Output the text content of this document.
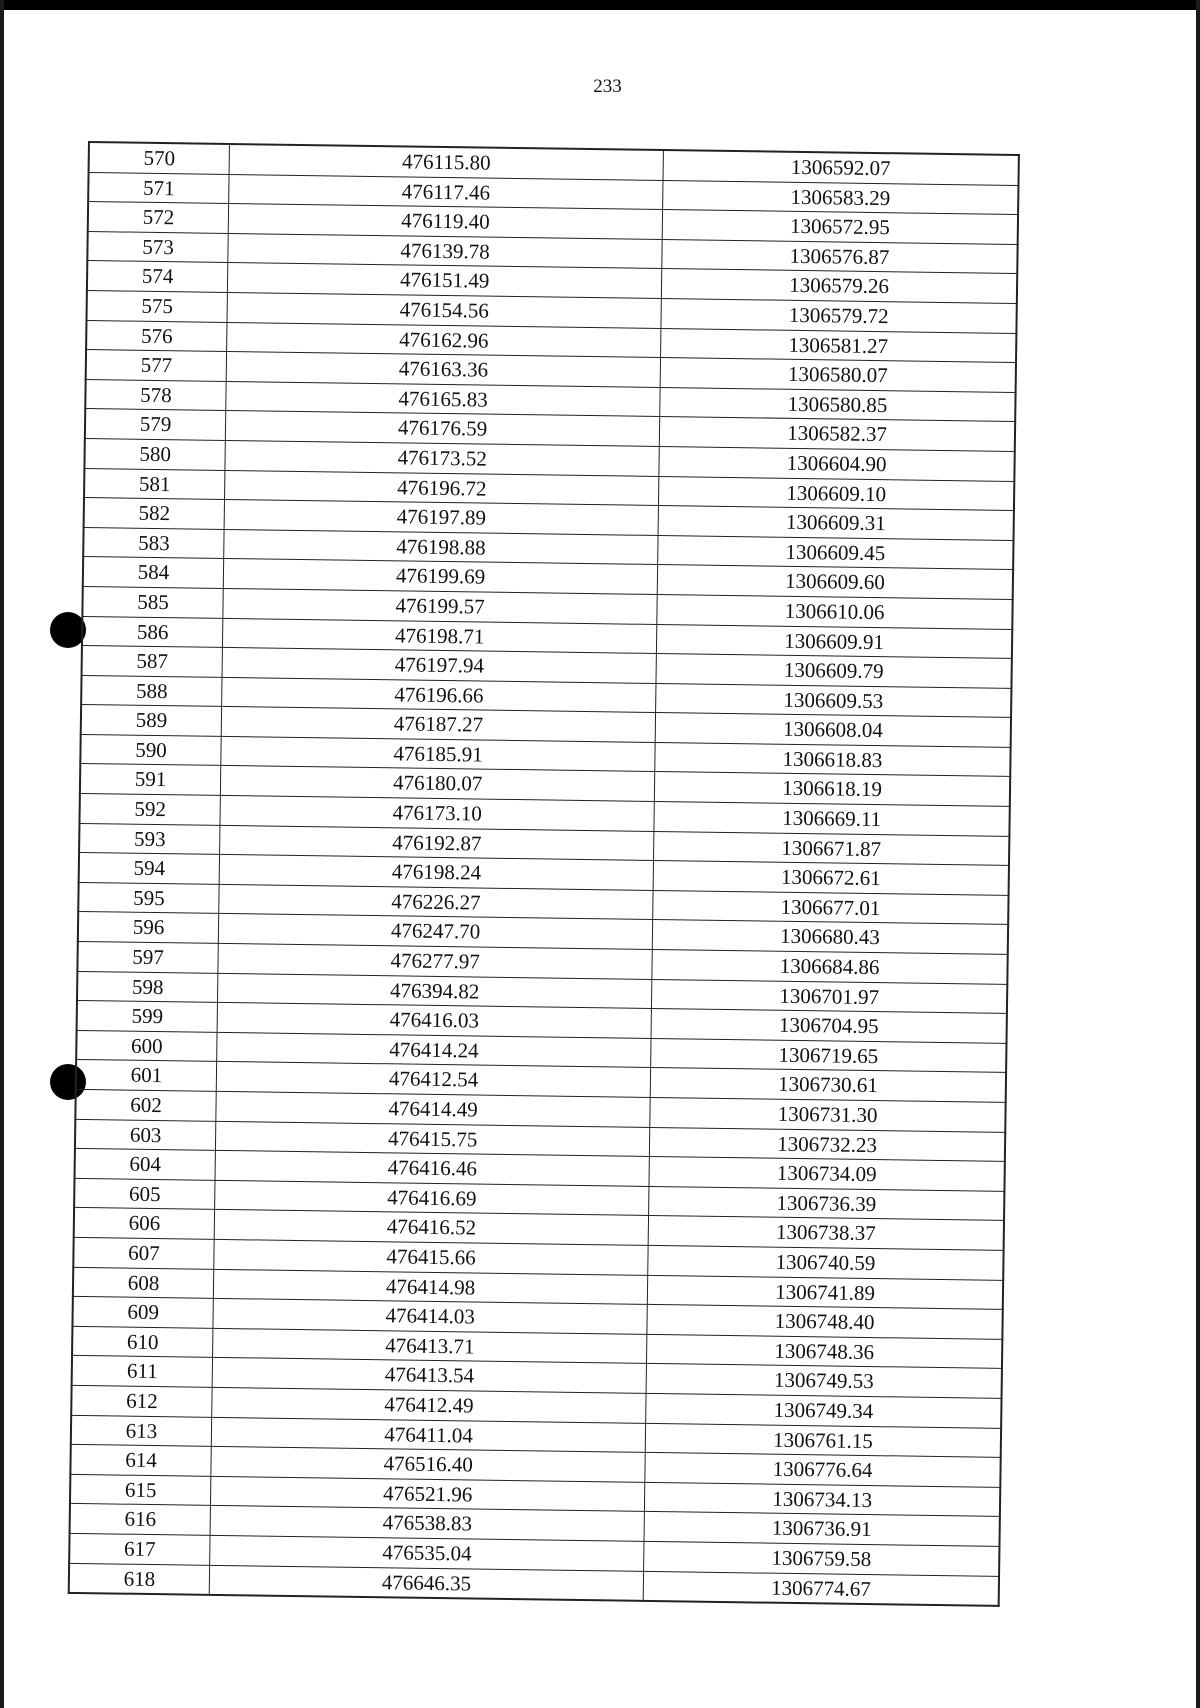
233
570	476115.80	1306592.07
571	476117.46	1306583.29
572	476119.40	1306572.95
573	476139.78	1306576.87
574	476151.49	1306579.26
575	476154.56	1306579.72
576	476162.96	1306581.27
577	476163.36	1306580.07
578	476165.83	1306580.85
579	476176.59	1306582.37
580	476173.52	1306604.90
581	476196.72	1306609.10
582	476197.89	1306609.31
583	476198.88	1306609.45
584	476199.69	1306609.60
585	476199.57	1306610.06
586	476198.71	1306609.91
587	476197.94	1306609.79
588	476196.66	1306609.53
589	476187.27	1306608.04
590	476185.91	1306618.83
591	476180.07	1306618.19
592	476173.10	1306669.11
593	476192.87	1306671.87
594	476198.24	1306672.61
595	476226.27	1306677.01
596	476247.70	1306680.43
597	476277.97	1306684.86
598	476394.82	1306701.97
599	476416.03	1306704.95
600	476414.24	1306719.65
601	476412.54	1306730.61
602	476414.49	1306731.30
603	476415.75	1306732.23
604	476416.46	1306734.09
605	476416.69	1306736.39
606	476416.52	1306738.37
607	476415.66	1306740.59
608	476414.98	1306741.89
609	476414.03	1306748.40
610	476413.71	1306748.36
611	476413.54	1306749.53
612	476412.49	1306749.34
613	476411.04	1306761.15
614	476516.40	1306776.64
615	476521.96	1306734.13
616	476538.83	1306736.91
617	476535.04	1306759.58
618	476646.35	1306774.67
